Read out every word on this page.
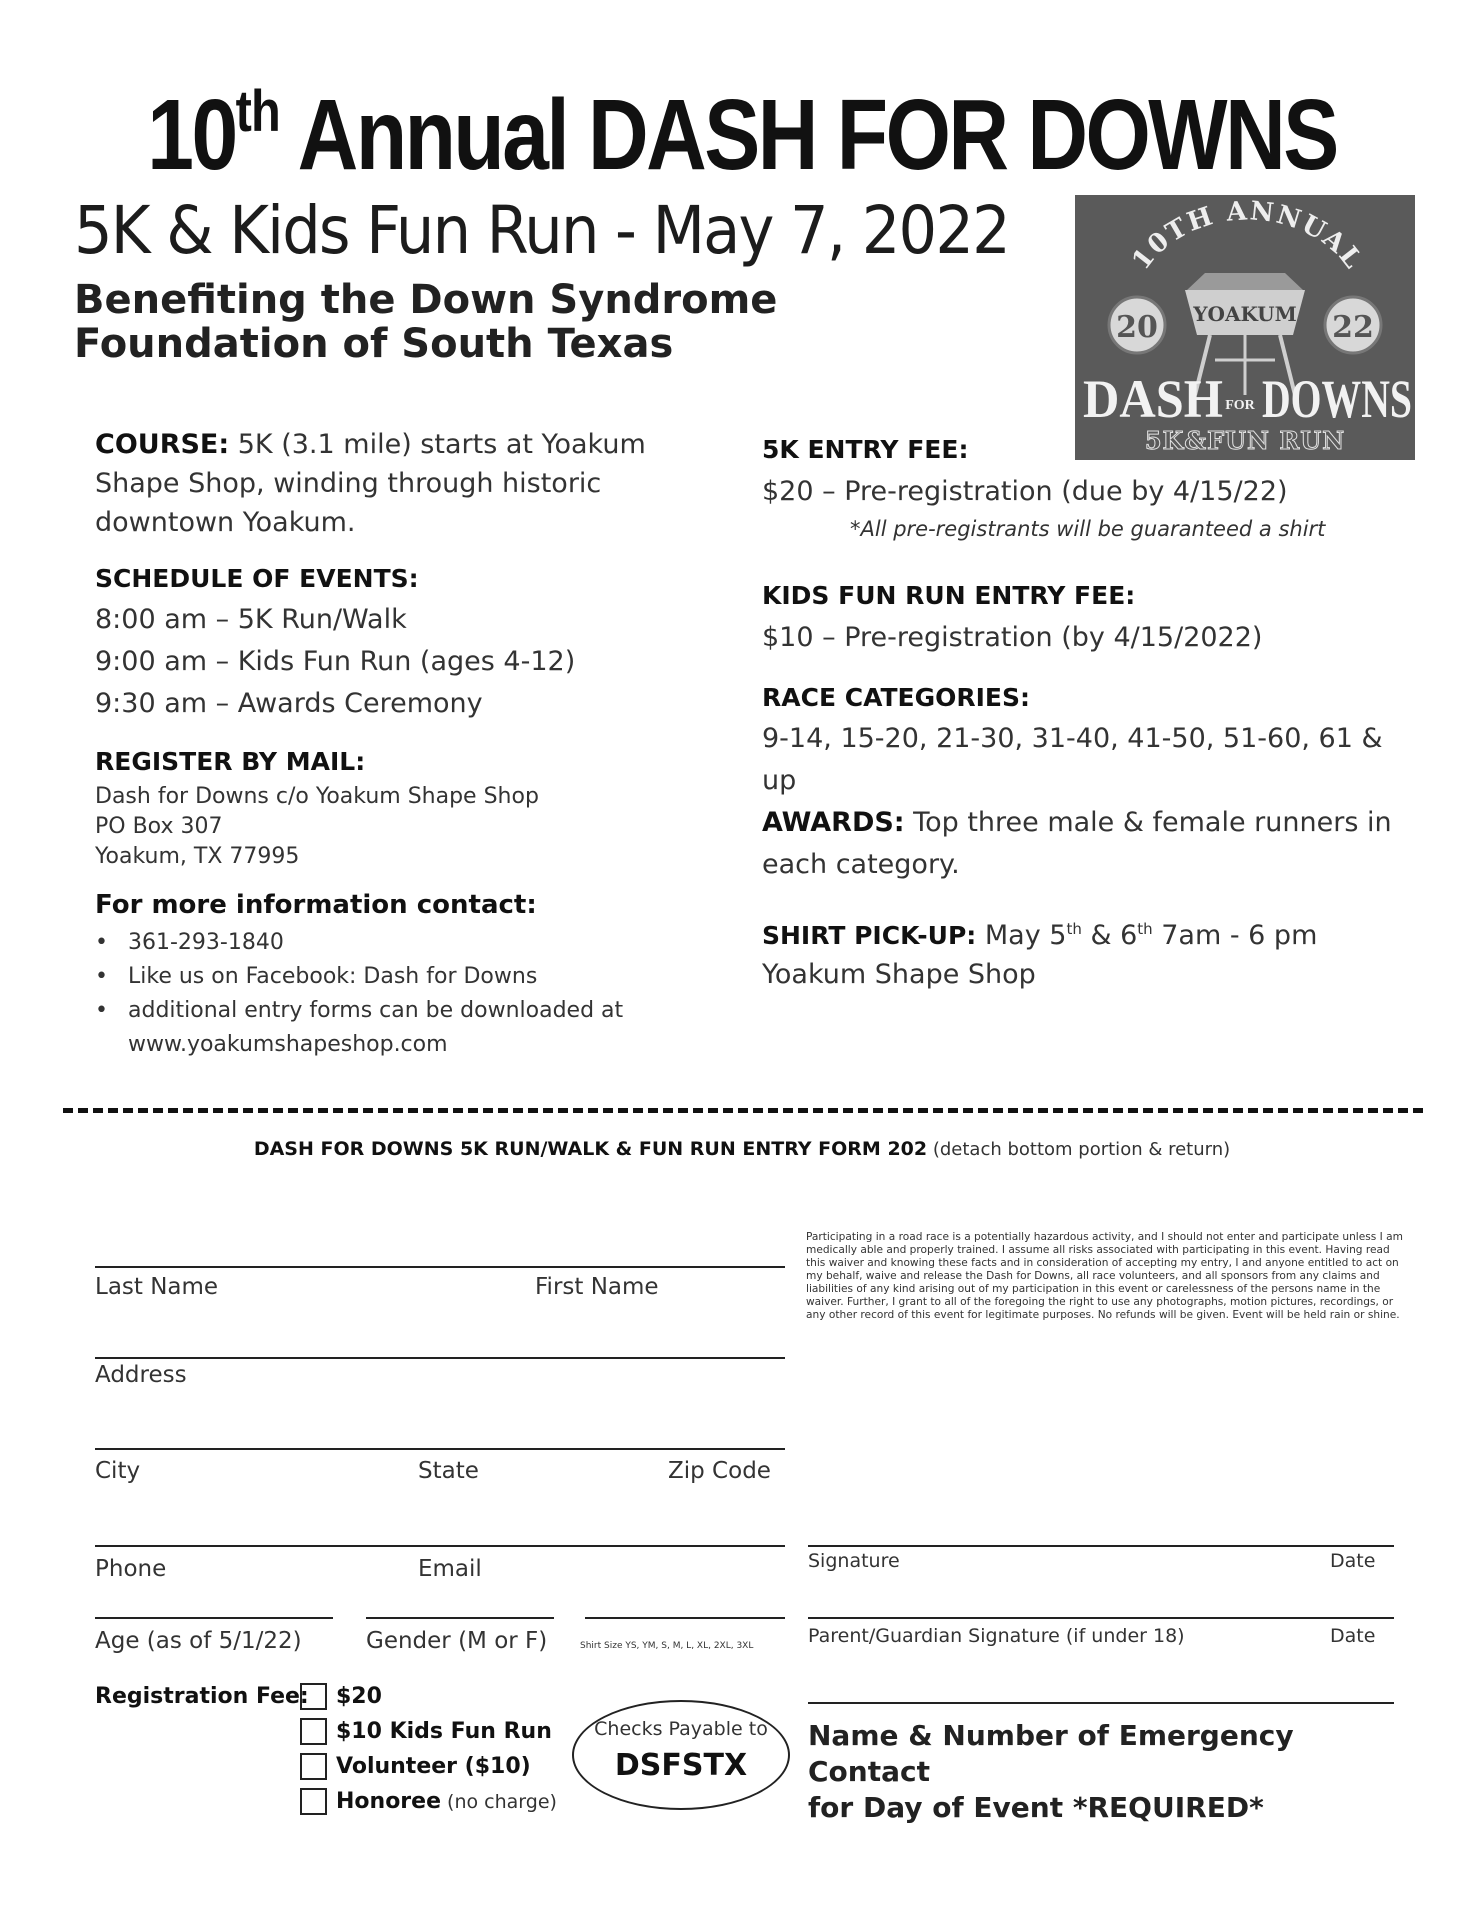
10th Annual DASH FOR DOWNS
5K & Kids Fun Run - May 7, 2022
Benefiting the Down Syndrome
Foundation of South Texas
10TH ANNUAL
YOAKUM
20	22
DASH FOR DOWNS
5K&FUN RUN
COURSE: 5K (3.1 mile) starts at Yoakum Shape Shop, winding through historic downtown Yoakum.
SCHEDULE OF EVENTS:
8:00 am – 5K Run/Walk
9:00 am – Kids Fun Run (ages 4-12)
9:30 am – Awards Ceremony
REGISTER BY MAIL:
Dash for Downs c/o Yoakum Shape Shop
PO Box 307
Yoakum, TX 77995
For more information contact:
• 361-293-1840
• Like us on Facebook: Dash for Downs
• additional entry forms can be downloaded at www.yoakumshapeshop.com
5K ENTRY FEE:
$20 – Pre-registration (due by 4/15/22)
*All pre-registrants will be guaranteed a shirt
KIDS FUN RUN ENTRY FEE:
$10 – Pre-registration (by 4/15/2022)
RACE CATEGORIES:
9-14, 15-20, 21-30, 31-40, 41-50, 51-60, 61 & up
AWARDS: Top three male & female runners in each category.
SHIRT PICK-UP: May 5th & 6th 7am - 6 pm
Yoakum Shape Shop
DASH FOR DOWNS 5K RUN/WALK & FUN RUN ENTRY FORM 202 (detach bottom portion & return)
Last Name	First Name
Address
City	State	Zip Code
Phone	Email
Age (as of 5/1/22)	Gender (M or F)	Shirt Size YS, YM, S, M, L, XL, 2XL, 3XL
Participating in a road race is a potentially hazardous activity, and I should not enter and participate unless I am medically able and properly trained. I assume all risks associated with participating in this event. Having read this waiver and knowing these facts and in consideration of accepting my entry, I and anyone entitled to act on my behalf, waive and release the Dash for Downs, all race volunteers, and all sponsors from any claims and liabilities of any kind arising out of my participation in this event or carelessness of the persons name in the waiver. Further, I grant to all of the foregoing the right to use any photographs, motion pictures, recordings, or any other record of this event for legitimate purposes. No refunds will be given. Event will be held rain or shine.
Signature	Date
Parent/Guardian Signature (if under 18)	Date
Registration Fee: $20
$10 Kids Fun Run
Volunteer ($10)
Honoree (no charge)
Checks Payable to
DSFSTX
Name & Number of Emergency Contact
for Day of Event *REQUIRED*
